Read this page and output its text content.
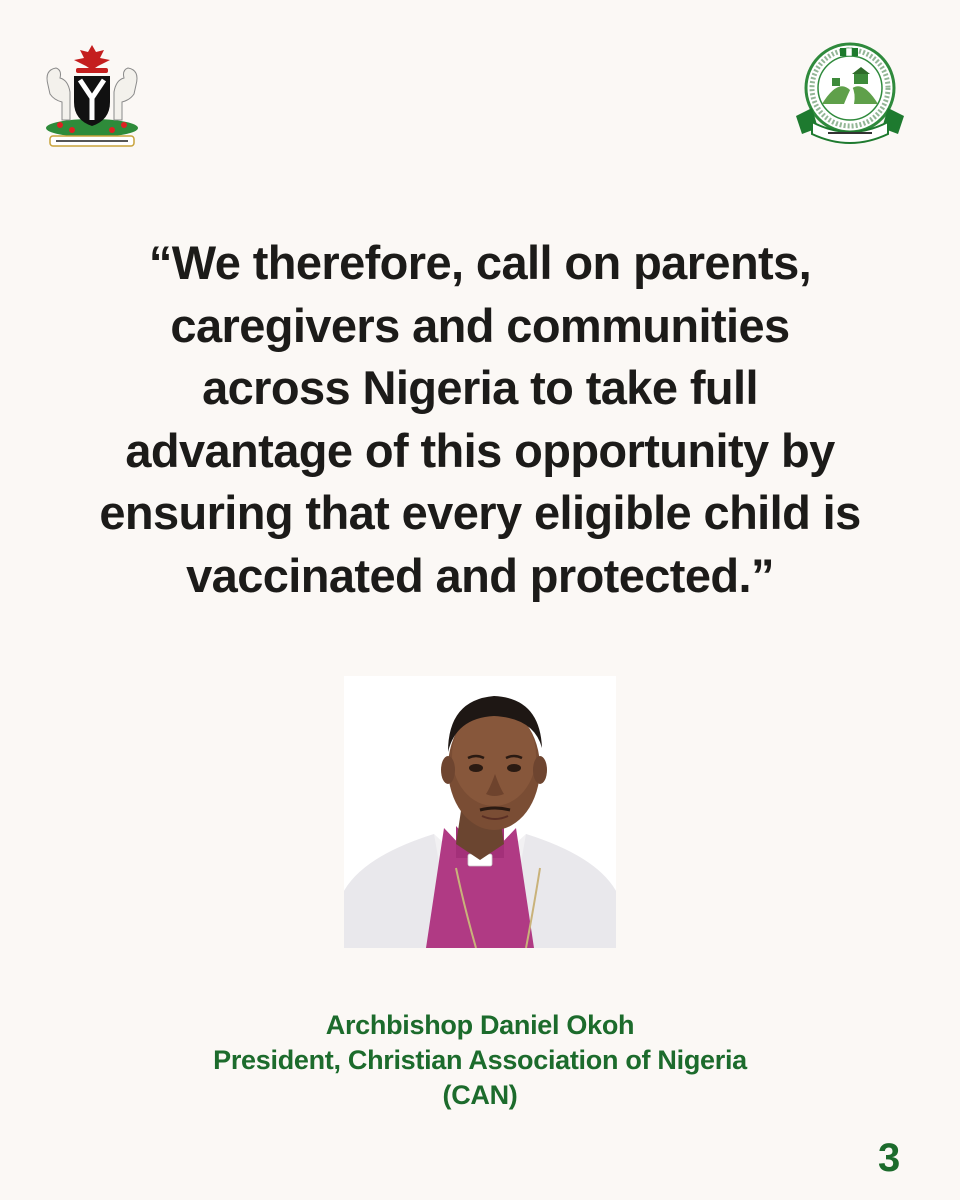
“We therefore, call on parents,
caregivers and communities
across Nigeria to take full
advantage of this opportunity by
ensuring that every eligible child is
vaccinated and protected.”
Archbishop Daniel Okoh
President, Christian Association of Nigeria
(CAN)
3
